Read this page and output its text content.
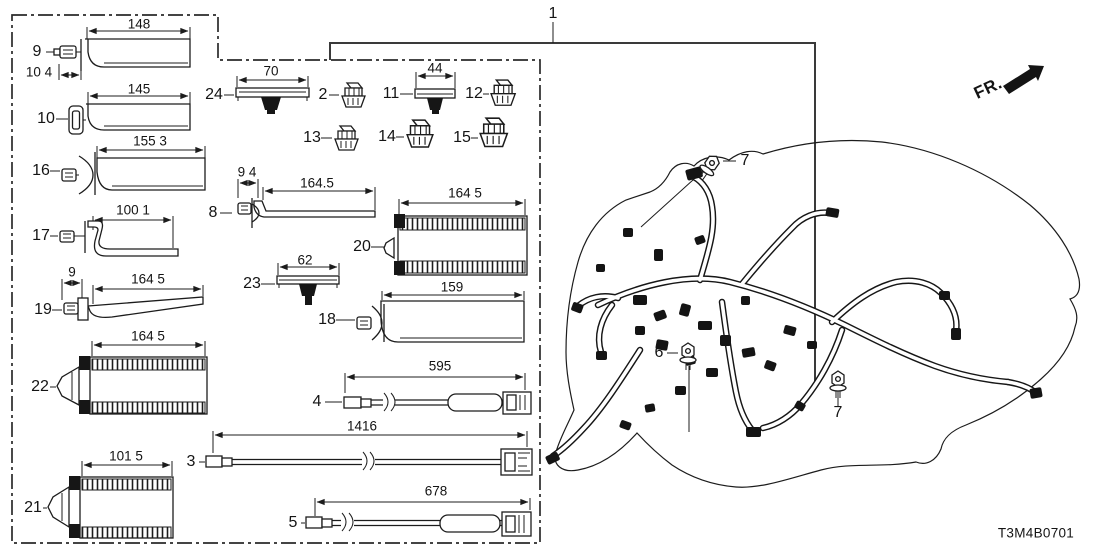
1
9
10
16
17
19
22
21
24	2	11	12
13	14	15
8
20
23
18
4
3
5
6
7
7
148
10 4
145
155 3
100 1
9	164 5
164 5
101 5
70	44
9 4
164.5
164 5
62
159
595
1416
678
FR.
T3M4B0701
